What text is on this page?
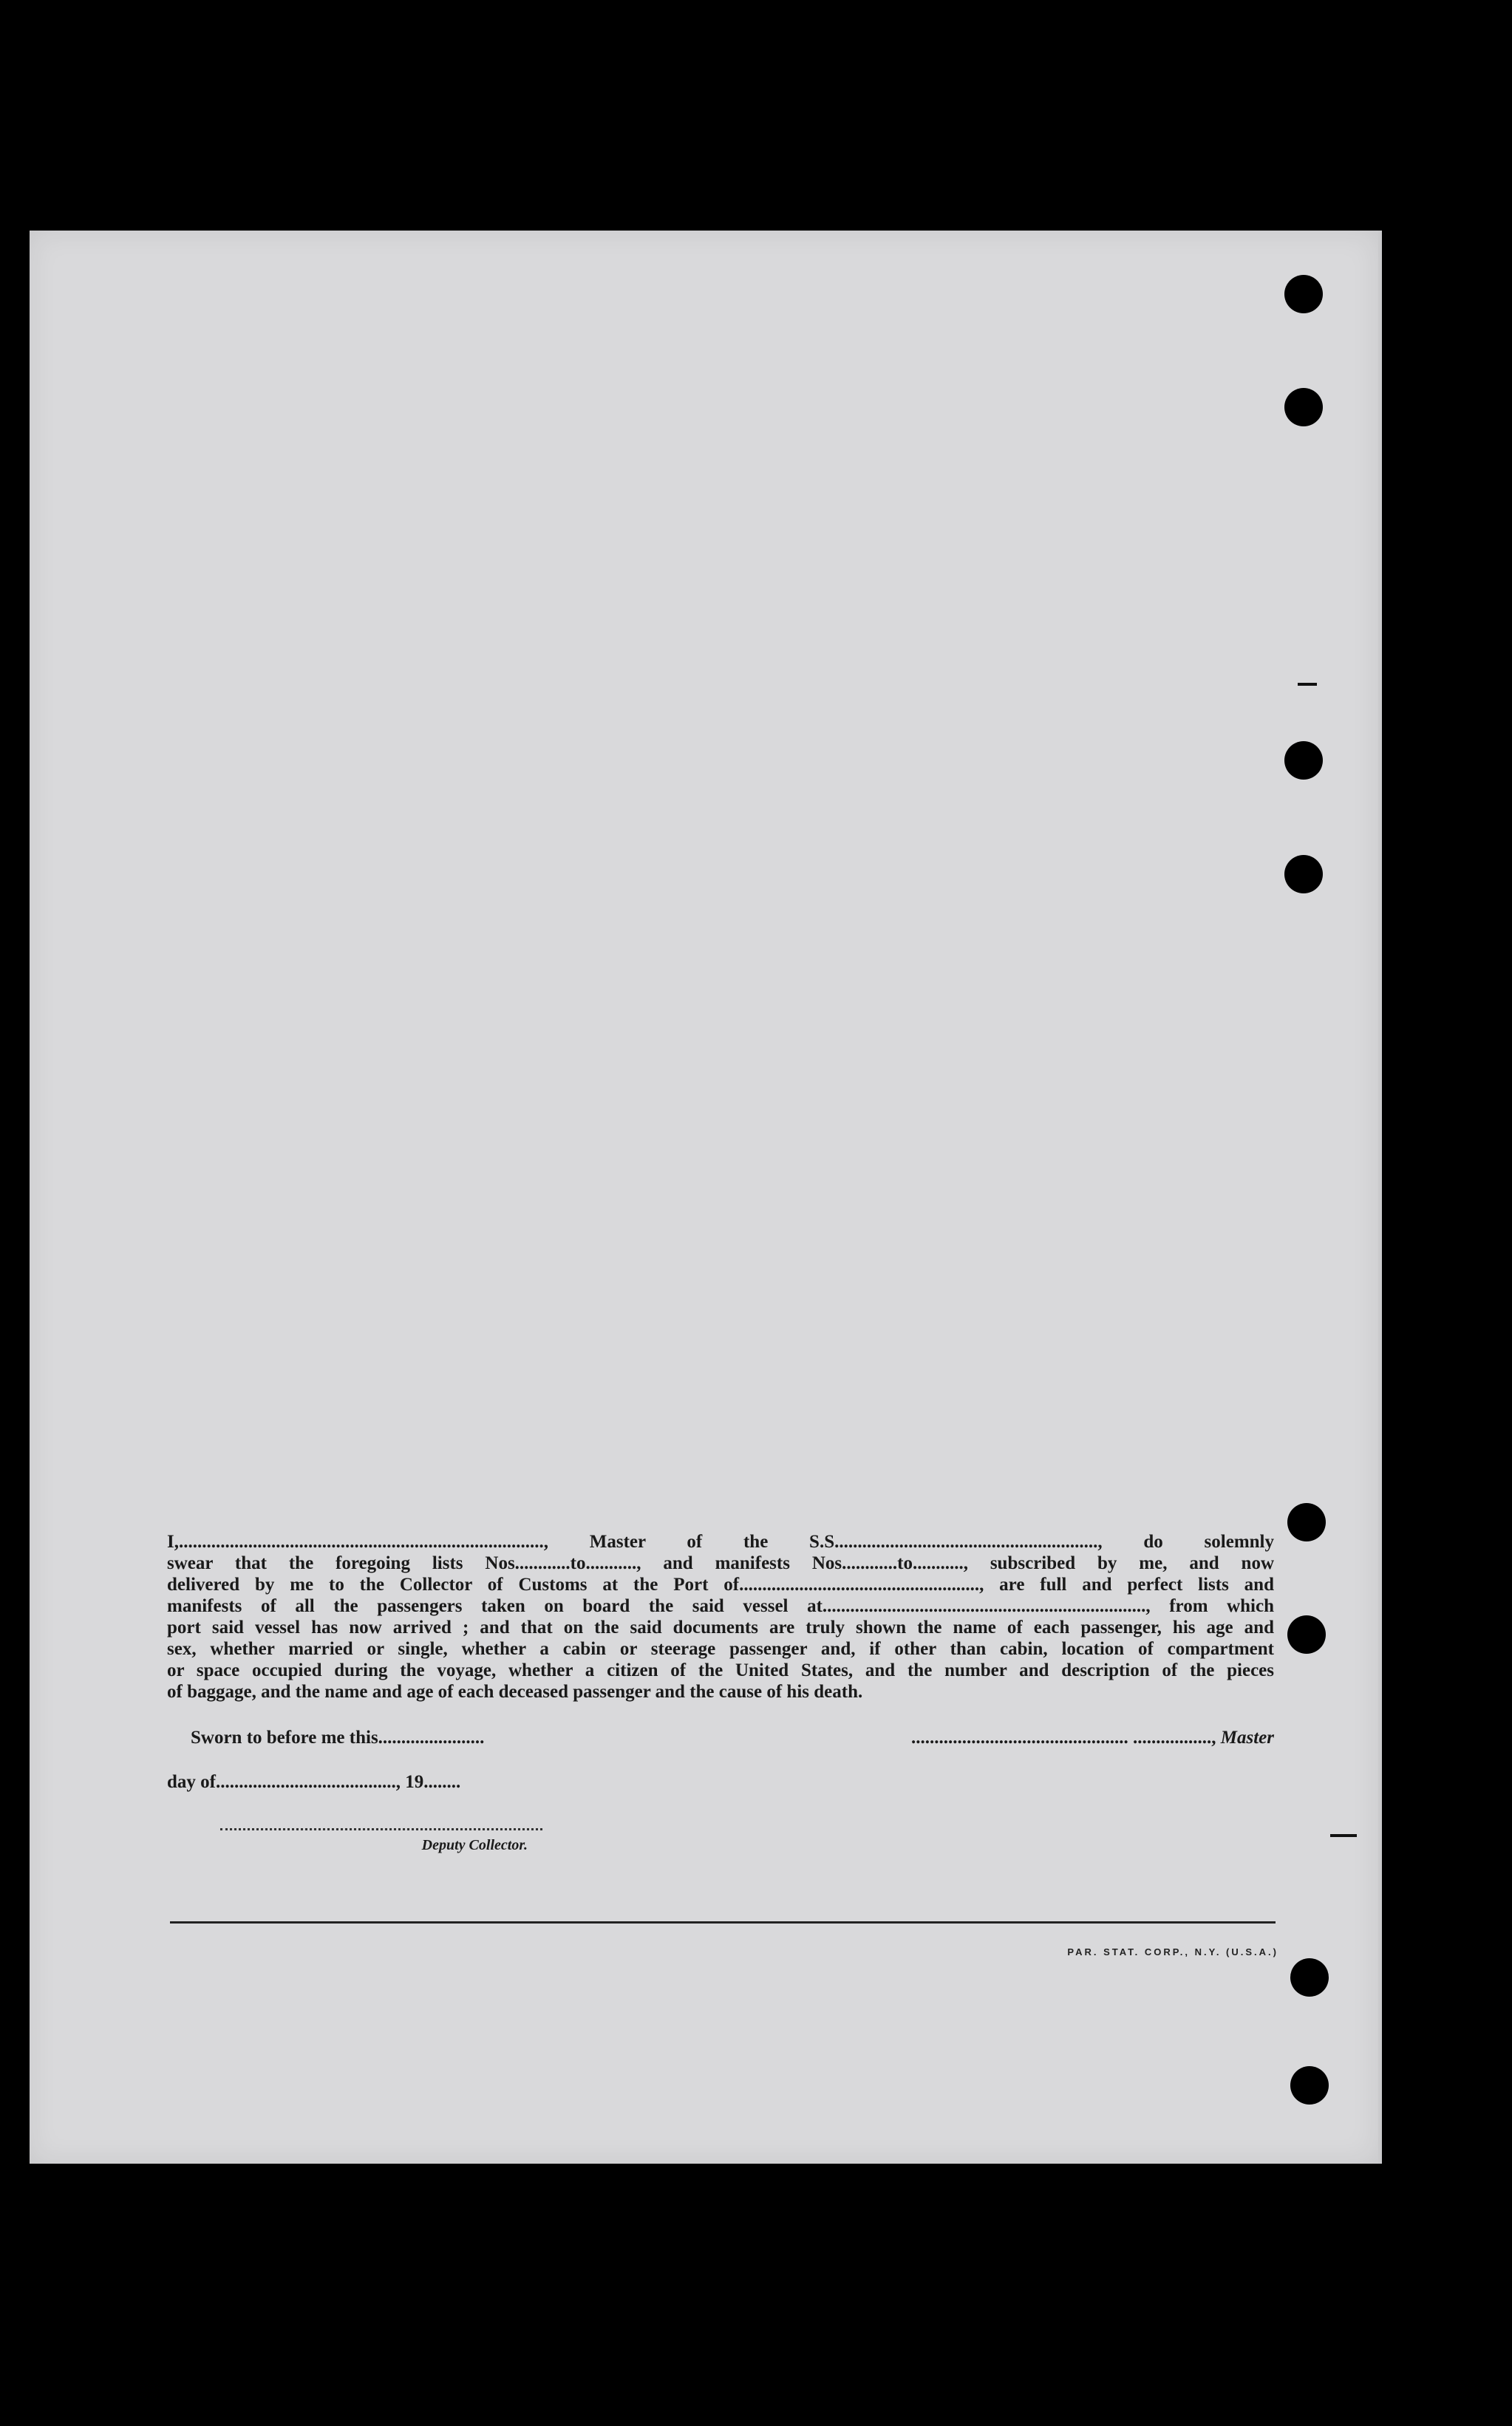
I,..............................................................................., Master of the S.S........................................................., do solemnly
swear that the foregoing lists Nos............to..........., and manifests Nos............to..........., subscribed by me, and now
delivered by me to the Collector of Customs at the Port of...................................................., are full and perfect lists and
manifests of all the passengers taken on board the said vessel at......................................................................, from which
port said vessel has now arrived ; and that on the said documents are truly shown the name of each passenger, his age and
sex, whether married or single, whether a cabin or steerage passenger and, if other than cabin, location of compartment
or space occupied during the voyage, whether a citizen of the United States, and the number and description of the pieces
of baggage, and the name and age of each deceased passenger and the cause of his death.
Sworn to before me this.......................	............................................... ................., Master
day of......................................., 19........
Deputy Collector.
PAR. STAT. CORP., N.Y. (U.S.A.)
